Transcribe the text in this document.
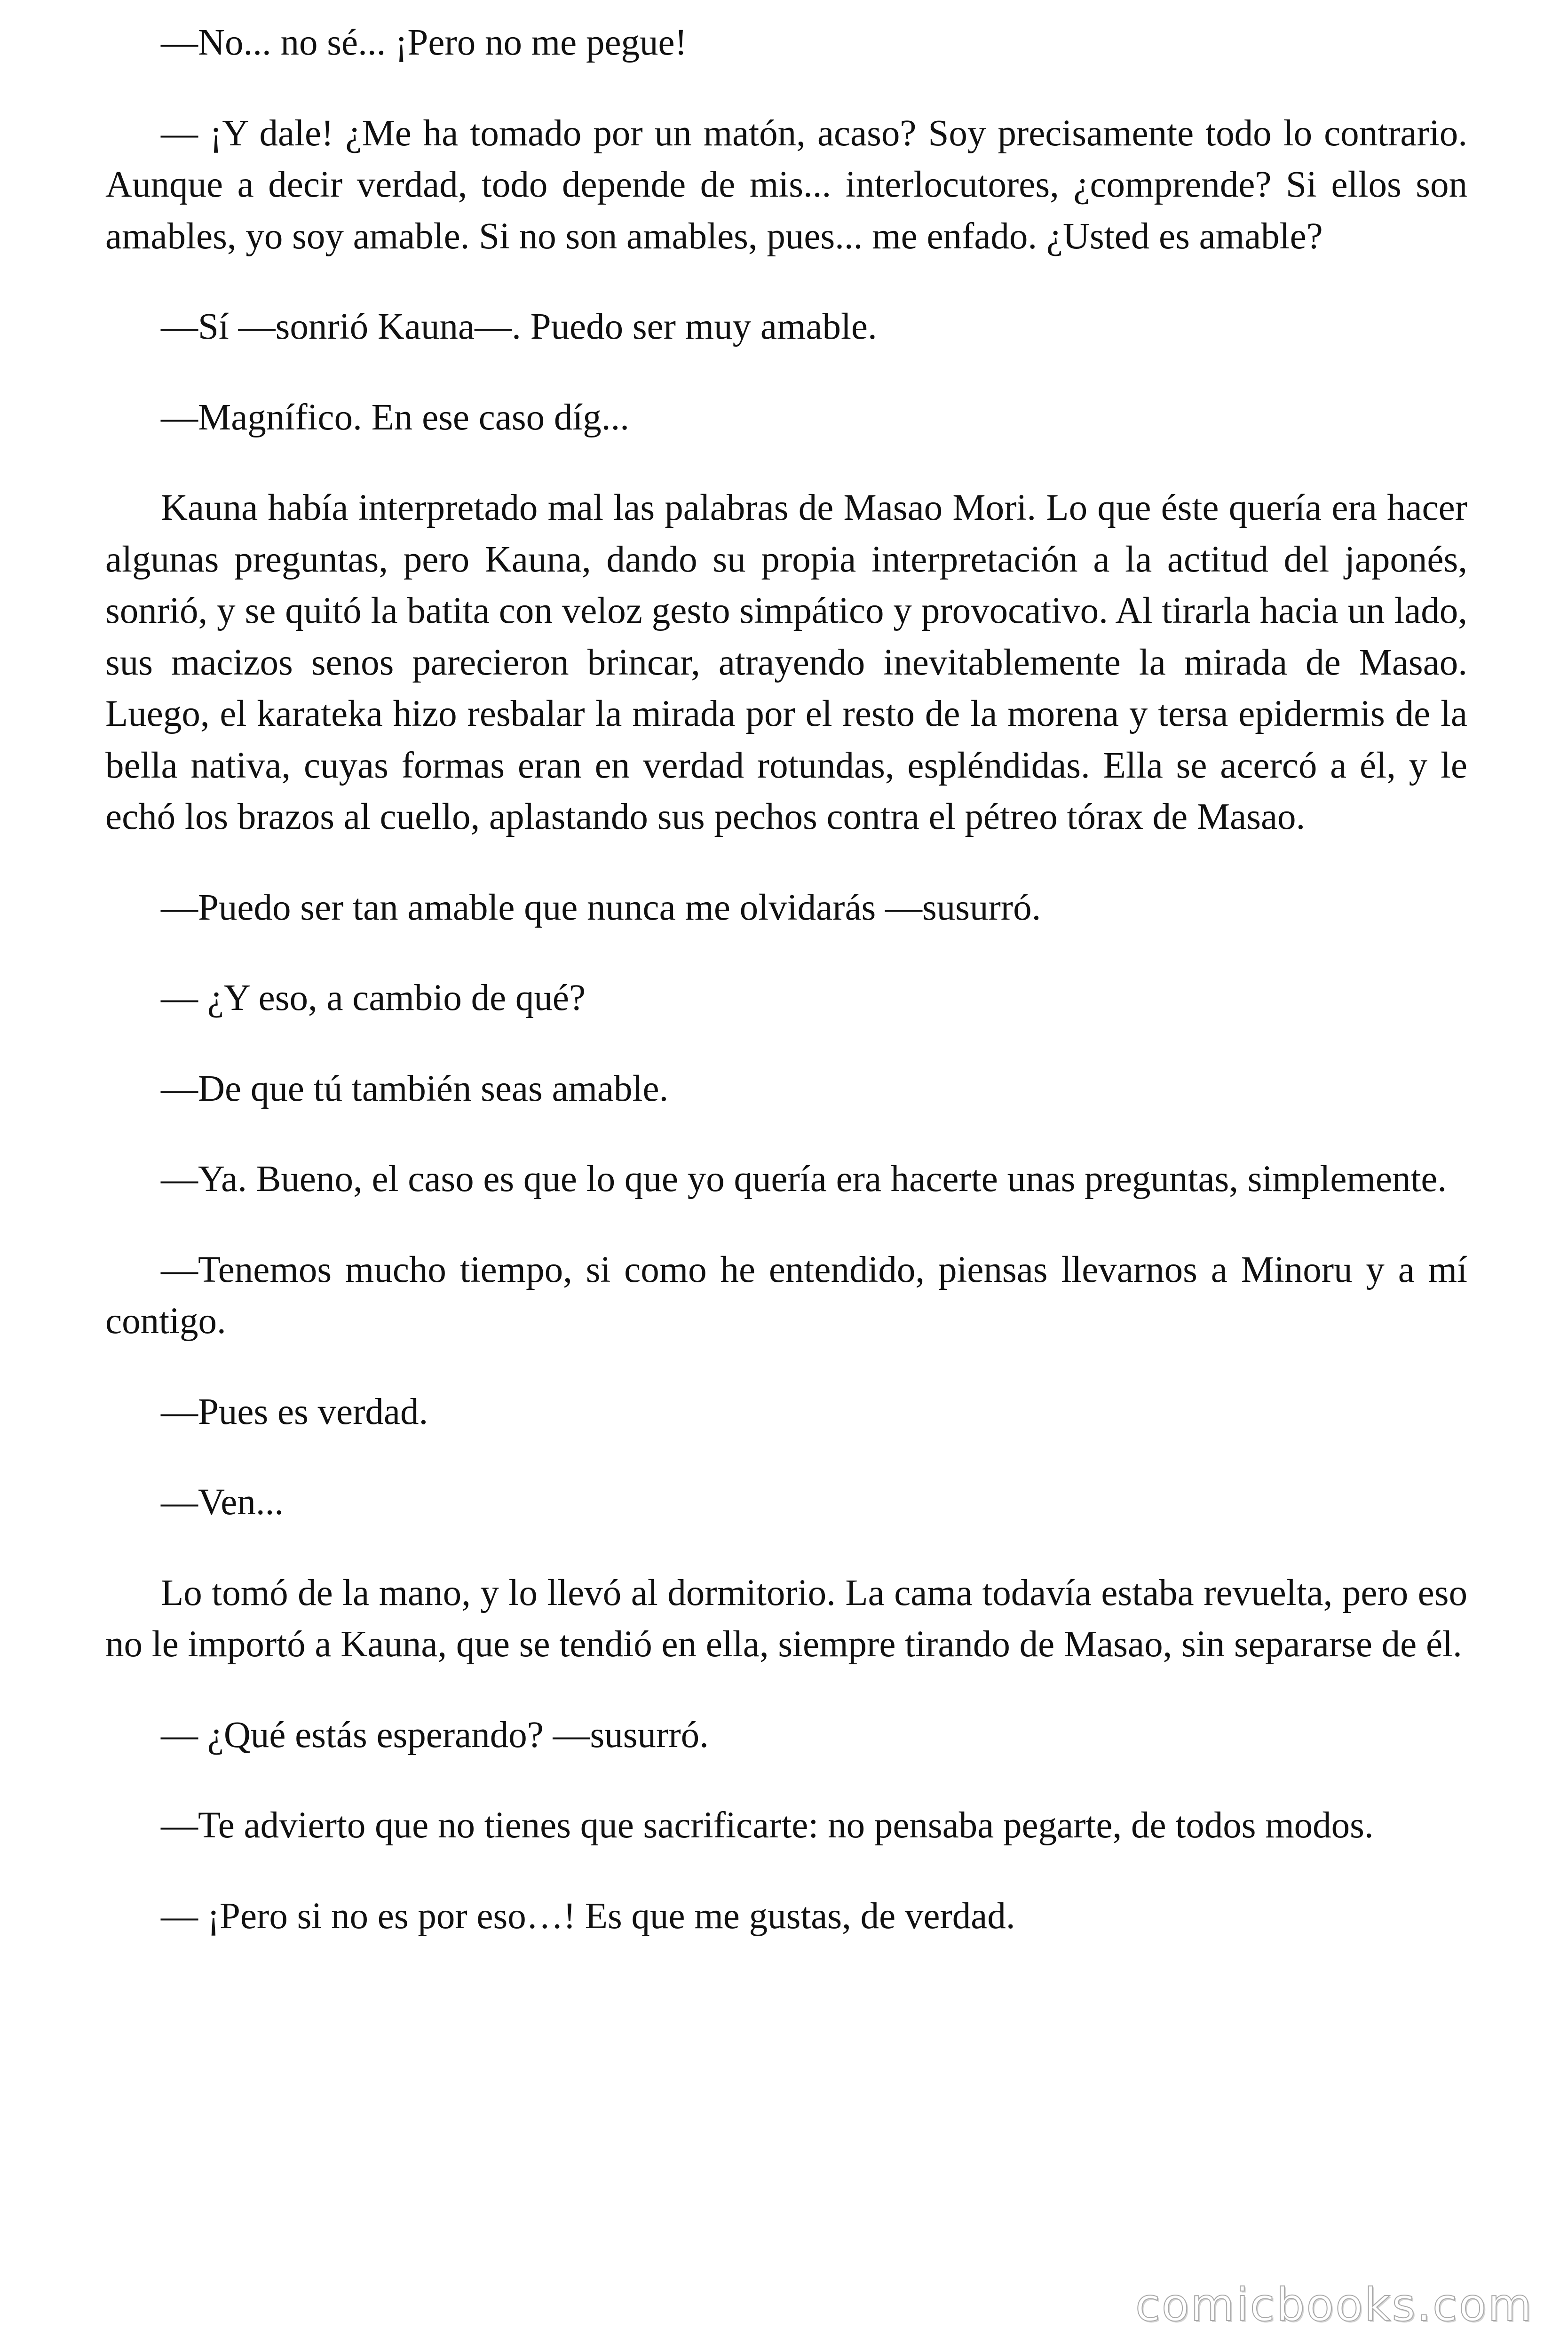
—No... no sé... ¡Pero no me pegue!

— ¡Y dale! ¿Me ha tomado por un matón, acaso? Soy precisamente todo lo contrario. Aunque a decir verdad, todo depende de mis... interlocutores, ¿comprende? Si ellos son amables, yo soy amable. Si no son amables, pues... me enfado. ¿Usted es amable?

—Sí —sonrió Kauna—. Puedo ser muy amable.

—Magnífico. En ese caso díg...

Kauna había interpretado mal las palabras de Masao Mori. Lo que éste quería era hacer algunas preguntas, pero Kauna, dando su propia interpretación a la actitud del japonés, sonrió, y se quitó la batita con veloz gesto simpático y provocativo. Al tirarla hacia un lado, sus macizos senos parecieron brincar, atrayendo inevitablemente la mirada de Masao. Luego, el karateka hizo resbalar la mirada por el resto de la morena y tersa epidermis de la bella nativa, cuyas formas eran en verdad rotundas, espléndidas. Ella se acercó a él, y le echó los brazos al cuello, aplastando sus pechos contra el pétreo tórax de Masao.

—Puedo ser tan amable que nunca me olvidarás —susurró.

— ¿Y eso, a cambio de qué?

—De que tú también seas amable.

—Ya. Bueno, el caso es que lo que yo quería era hacerte unas preguntas, simplemente.

—Tenemos mucho tiempo, si como he entendido, piensas llevarnos a Minoru y a mí contigo.

—Pues es verdad.

—Ven...

Lo tomó de la mano, y lo llevó al dormitorio. La cama todavía estaba revuelta, pero eso no le importó a Kauna, que se tendió en ella, siempre tirando de Masao, sin separarse de él.

— ¿Qué estás esperando? —susurró.

—Te advierto que no tienes que sacrificarte: no pensaba pegarte, de todos modos.

— ¡Pero si no es por eso…! Es que me gustas, de verdad.

comicbooks.com
